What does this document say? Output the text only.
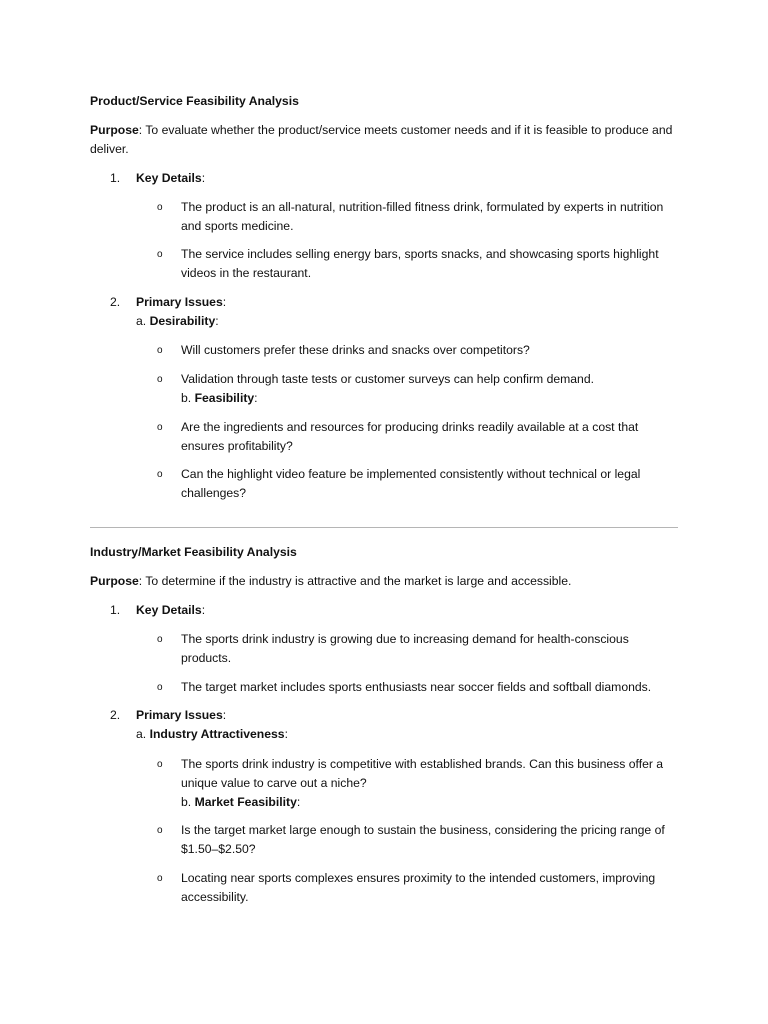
Product/Service Feasibility Analysis
Purpose: To evaluate whether the product/service meets customer needs and if it is feasible to produce and deliver.
1.	Key Details:
o	The product is an all-natural, nutrition-filled fitness drink, formulated by experts in nutrition and sports medicine.
o	The service includes selling energy bars, sports snacks, and showcasing sports highlight videos in the restaurant.
2.	Primary Issues:
a. Desirability:
o	Will customers prefer these drinks and snacks over competitors?
o	Validation through taste tests or customer surveys can help confirm demand.
b. Feasibility:
o	Are the ingredients and resources for producing drinks readily available at a cost that ensures profitability?
o	Can the highlight video feature be implemented consistently without technical or legal challenges?
Industry/Market Feasibility Analysis
Purpose: To determine if the industry is attractive and the market is large and accessible.
1.	Key Details:
o	The sports drink industry is growing due to increasing demand for health-conscious products.
o	The target market includes sports enthusiasts near soccer fields and softball diamonds.
2.	Primary Issues:
a. Industry Attractiveness:
o	The sports drink industry is competitive with established brands. Can this business offer a unique value to carve out a niche?
b. Market Feasibility:
o	Is the target market large enough to sustain the business, considering the pricing range of $1.50–$2.50?
o	Locating near sports complexes ensures proximity to the intended customers, improving accessibility.
